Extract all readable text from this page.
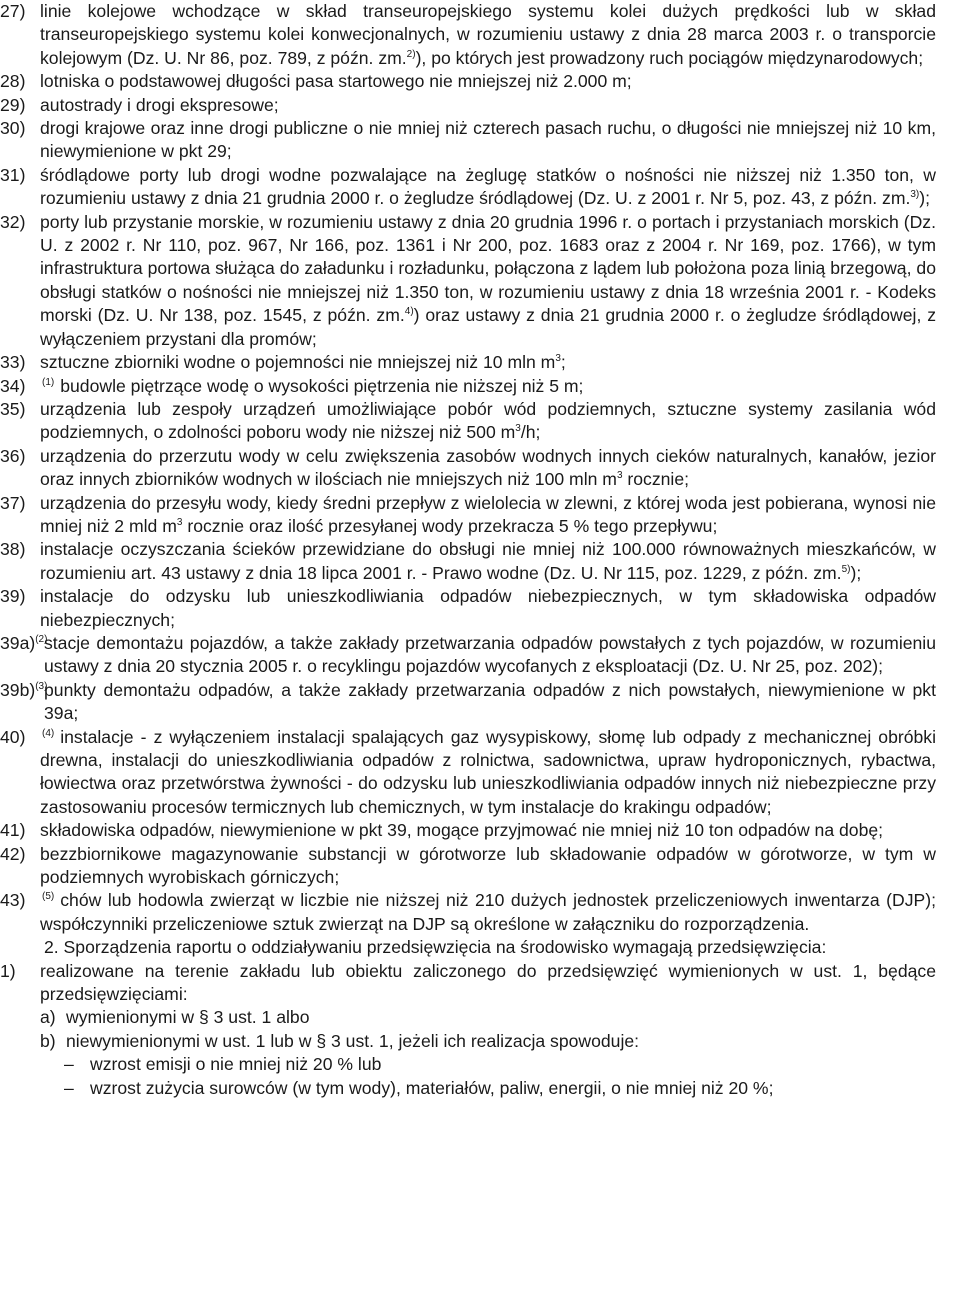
27) linie kolejowe wchodzące w skład transeuropejskiego systemu kolei dużych prędkości lub w skład transeuropejskiego systemu kolei konwecjonalnych, w rozumieniu ustawy z dnia 28 marca 2003 r. o transporcie kolejowym (Dz. U. Nr 86, poz. 789, z późn. zm.$^{2)}$), po których jest prowadzony ruch pociągów międzynarodowych;
28) lotniska o podstawowej długości pasa startowego nie mniejszej niż 2.000 m;
29) autostrady i drogi ekspresowe;
30) drogi krajowe oraz inne drogi publiczne o nie mniej niż czterech pasach ruchu, o długości nie mniejszej niż 10 km, niewymienione w pkt 29;
31) śródlądowe porty lub drogi wodne pozwalające na żeglugę statków o nośności nie niższej niż 1.350 ton, w rozumieniu ustawy z dnia 21 grudnia 2000 r. o żegludze śródlądowej (Dz. U. z 2001 r. Nr 5, poz. 43, z późn. zm.$^{3)}$);
32) porty lub przystanie morskie, w rozumieniu ustawy z dnia 20 grudnia 1996 r. o portach i przystaniach morskich (Dz. U. z 2002 r. Nr 110, poz. 967, Nr 166, poz. 1361 i Nr 200, poz. 1683 oraz z 2004 r. Nr 169, poz. 1766), w tym infrastruktura portowa służąca do załadunku i rozładunku, połączona z lądem lub położona poza linią brzegową, do obsługi statków o nośności nie mniejszej niż 1.350 ton, w rozumieniu ustawy z dnia 18 września 2001 r. - Kodeks morski (Dz. U. Nr 138, poz. 1545, z późn. zm.$^{4)}$) oraz ustawy z dnia 21 grudnia 2000 r. o żegludze śródlądowej, z wyłączeniem przystani dla promów;
33) sztuczne zbiorniki wodne o pojemności nie mniejszej niż 10 mln m$^3$;
34) $^{(1)}$ budowle piętrzące wodę o wysokości piętrzenia nie niższej niż 5 m;
35) urządzenia lub zespoły urządzeń umożliwiające pobór wód podziemnych, sztuczne systemy zasilania wód podziemnych, o zdolności poboru wody nie niższej niż 500 m$^3$/h;
36) urządzenia do przerzutu wody w celu zwiększenia zasobów wodnych innych cieków naturalnych, kanałów, jezior oraz innych zbiorników wodnych w ilościach nie mniejszych niż 100 mln m$^3$ rocznie;
37) urządzenia do przesyłu wody, kiedy średni przepływ z wielolecia w zlewni, z której woda jest pobierana, wynosi nie mniej niż 2 mld m$^3$ rocznie oraz ilość przesyłanej wody przekracza 5 % tego przepływu;
38) instalacje oczyszczania ścieków przewidziane do obsługi nie mniej niż 100.000 równoważnych mieszkańców, w rozumieniu art. 43 ustawy z dnia 18 lipca 2001 r. - Prawo wodne (Dz. U. Nr 115, poz. 1229, z późn. zm.$^{5)}$);
39) instalacje do odzysku lub unieszkodliwiania odpadów niebezpiecznych, w tym składowiska odpadów niebezpiecznych;
39a)$^{(2)}$
stacje demontażu pojazdów, a także zakłady przetwarzania odpadów powstałych z tych pojazdów, w rozumieniu ustawy z dnia 20 stycznia 2005 r. o recyklingu pojazdów wycofanych z eksploatacji (Dz. U. Nr 25, poz. 202);
39b)$^{(3)}$
punkty demontażu odpadów, a także zakłady przetwarzania odpadów z nich powstałych, niewymienione w pkt 39a;
40) $^{(4)}$ instalacje - z wyłączeniem instalacji spalających gaz wysypiskowy, słomę lub odpady z mechanicznej obróbki drewna, instalacji do unieszkodliwiania odpadów z rolnictwa, sadownictwa, upraw hydroponicznych, rybactwa, łowiectwa oraz przetwórstwa żywności - do odzysku lub unieszkodliwiania odpadów innych niż niebezpieczne przy zastosowaniu procesów termicznych lub chemicznych, w tym instalacje do krakingu odpadów;
41) składowiska odpadów, niewymienione w pkt 39, mogące przyjmować nie mniej niż 10 ton odpadów na dobę;
42) bezzbiornikowe magazynowanie substancji w górotworze lub składowanie odpadów w górotworze, w tym w podziemnych wyrobiskach górniczych;
43) $^{(5)}$ chów lub hodowla zwierząt w liczbie nie niższej niż 210 dużych jednostek przeliczeniowych inwentarza (DJP); współczynniki przeliczeniowe sztuk zwierząt na DJP są określone w załączniku do rozporządzenia.
2. Sporządzenia raportu o oddziaływaniu przedsięwzięcia na środowisko wymagają przedsięwzięcia:
1) realizowane na terenie zakładu lub obiektu zaliczonego do przedsięwzięć wymienionych w ust. 1, będące przedsięwzięciami:
a) wymienionymi w § 3 ust. 1 albo
b) niewymienionymi w ust. 1 lub w § 3 ust. 1, jeżeli ich realizacja spowoduje:
– wzrost emisji o nie mniej niż 20 % lub
– wzrost zużycia surowców (w tym wody), materiałów, paliw, energii, o nie mniej niż 20 %;
